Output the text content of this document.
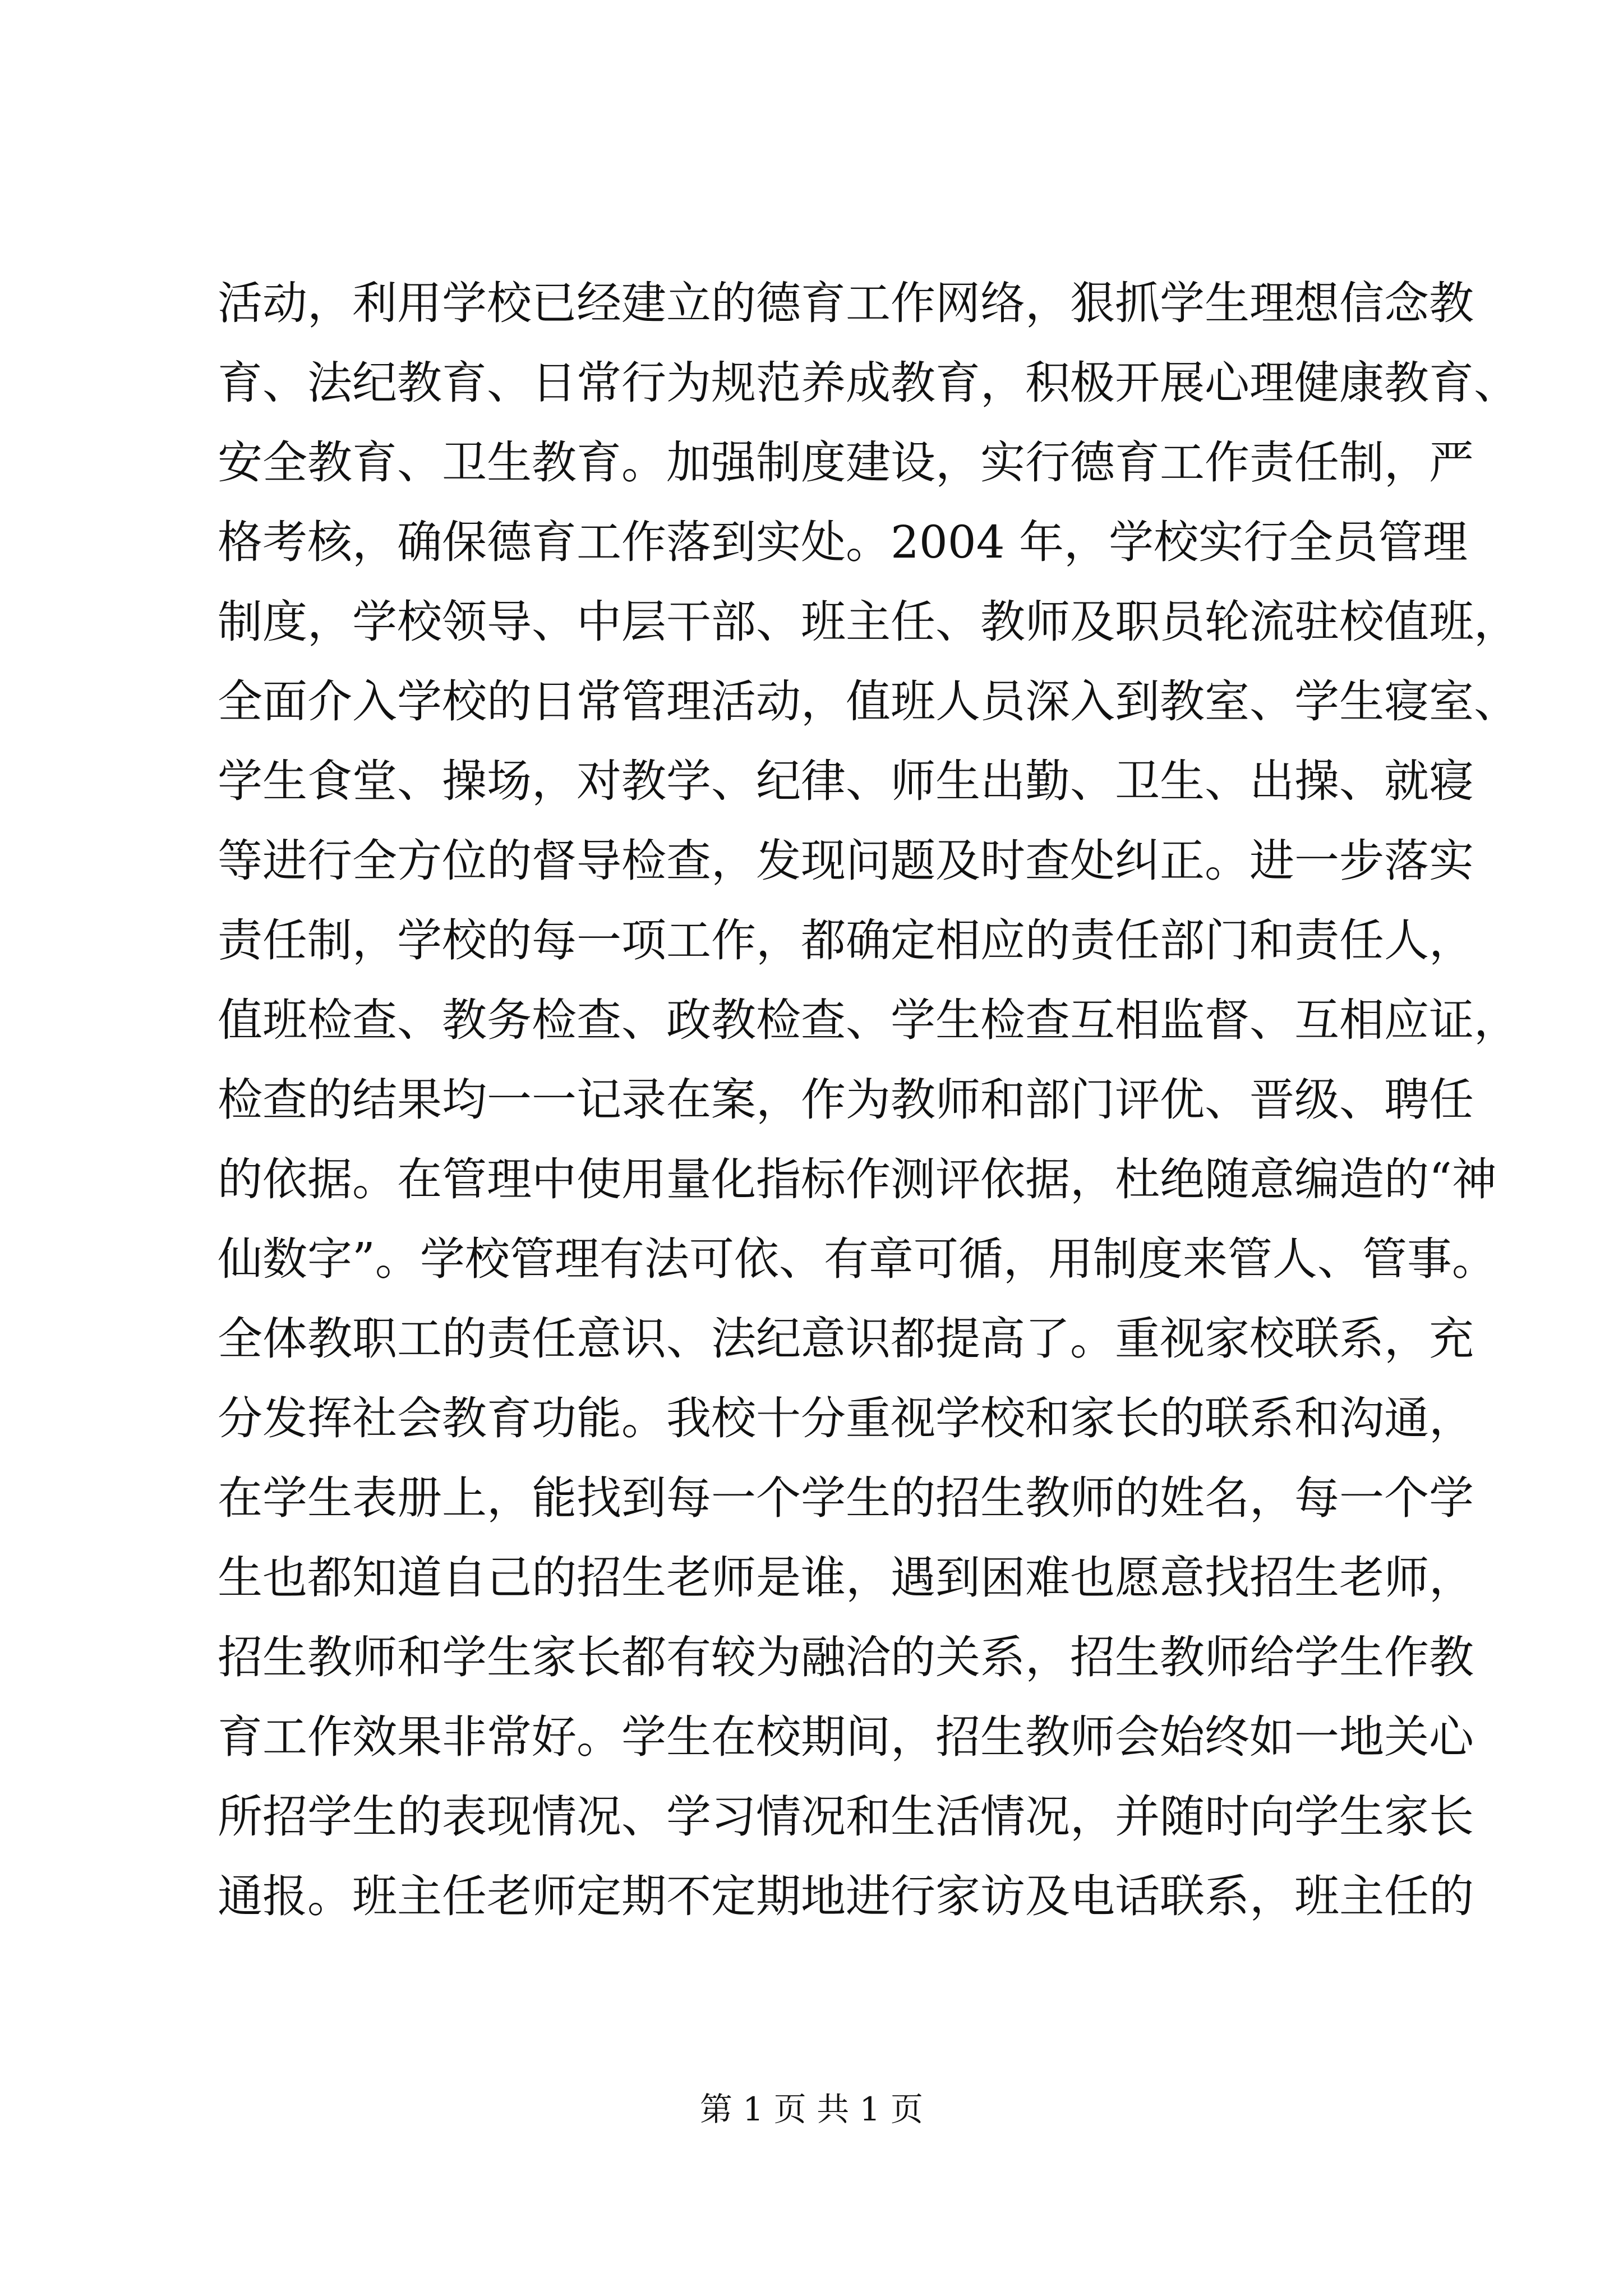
活动，利用学校已经建立的德育工作网络，狠抓学生理想信念教
育、法纪教育、日常行为规范养成教育，积极开展心理健康教育、
安全教育、卫生教育。加强制度建设，实行德育工作责任制，严
格考核，确保德育工作落到实处。2004 年，学校实行全员管理
制度，学校领导、中层干部、班主任、教师及职员轮流驻校值班，
全面介入学校的日常管理活动，值班人员深入到教室、学生寝室、
学生食堂、操场，对教学、纪律、师生出勤、卫生、出操、就寝
等进行全方位的督导检查，发现问题及时查处纠正。进一步落实
责任制，学校的每一项工作，都确定相应的责任部门和责任人，
值班检查、教务检查、政教检查、学生检查互相监督、互相应证，
检查的结果均一一记录在案，作为教师和部门评优、晋级、聘任
的依据。在管理中使用量化指标作测评依据，杜绝随意编造的“神
仙数字”。学校管理有法可依、有章可循，用制度来管人、管事。
全体教职工的责任意识、法纪意识都提高了。重视家校联系，充
分发挥社会教育功能。我校十分重视学校和家长的联系和沟通，
在学生表册上，能找到每一个学生的招生教师的姓名，每一个学
生也都知道自己的招生老师是谁，遇到困难也愿意找招生老师，
招生教师和学生家长都有较为融洽的关系，招生教师给学生作教
育工作效果非常好。学生在校期间，招生教师会始终如一地关心
所招学生的表现情况、学习情况和生活情况，并随时向学生家长
通报。班主任老师定期不定期地进行家访及电话联系，班主任的
第 1 页 共 1 页
